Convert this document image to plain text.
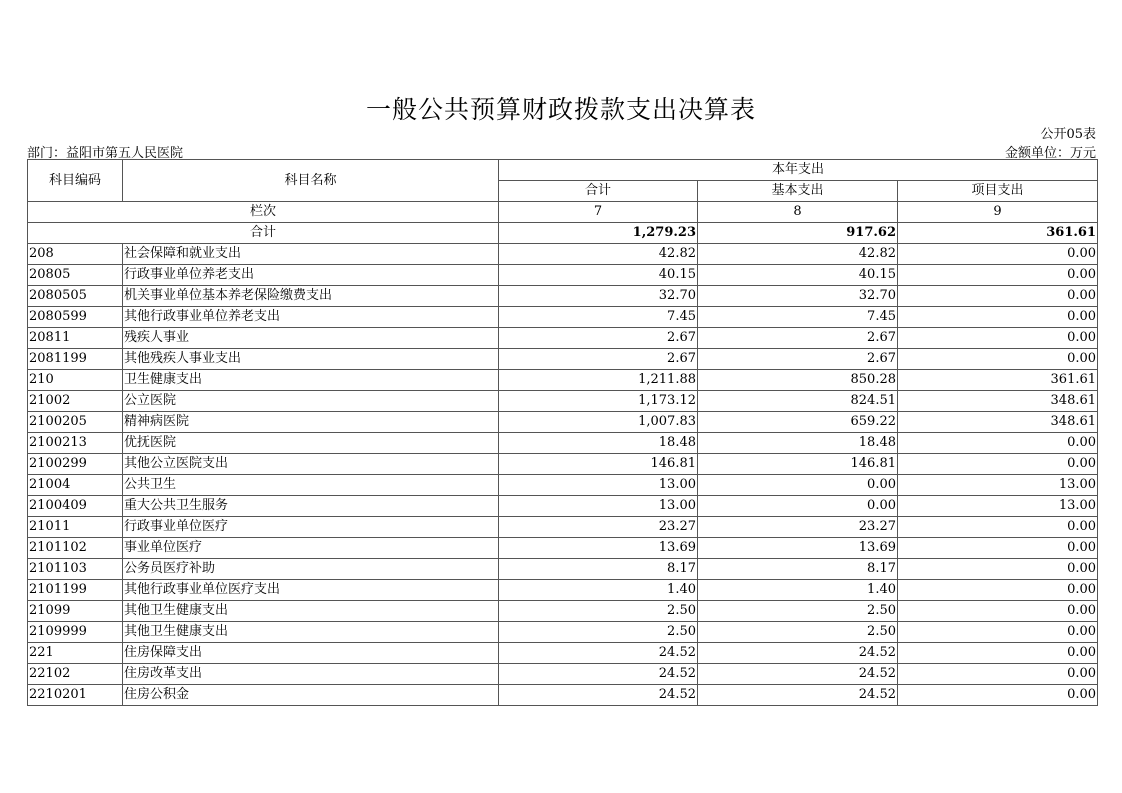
一般公共预算财政拨款支出决算表
公开05表
部门：益阳市第五人民医院	金额单位：万元
科目编码	科目名称	本年支出		
		合计	基本支出	项目支出
栏次		7	8	9
合计		1,279.23	917.62	361.61
208	社会保障和就业支出	42.82	42.82	0.00
20805	行政事业单位养老支出	40.15	40.15	0.00
2080505	机关事业单位基本养老保险缴费支出	32.70	32.70	0.00
2080599	其他行政事业单位养老支出	7.45	7.45	0.00
20811	残疾人事业	2.67	2.67	0.00
2081199	其他残疾人事业支出	2.67	2.67	0.00
210	卫生健康支出	1,211.88	850.28	361.61
21002	公立医院	1,173.12	824.51	348.61
2100205	精神病医院	1,007.83	659.22	348.61
2100213	优抚医院	18.48	18.48	0.00
2100299	其他公立医院支出	146.81	146.81	0.00
21004	公共卫生	13.00	0.00	13.00
2100409	重大公共卫生服务	13.00	0.00	13.00
21011	行政事业单位医疗	23.27	23.27	0.00
2101102	事业单位医疗	13.69	13.69	0.00
2101103	公务员医疗补助	8.17	8.17	0.00
2101199	其他行政事业单位医疗支出	1.40	1.40	0.00
21099	其他卫生健康支出	2.50	2.50	0.00
2109999	其他卫生健康支出	2.50	2.50	0.00
221	住房保障支出	24.52	24.52	0.00
22102	住房改革支出	24.52	24.52	0.00
2210201	住房公积金	24.52	24.52	0.00
